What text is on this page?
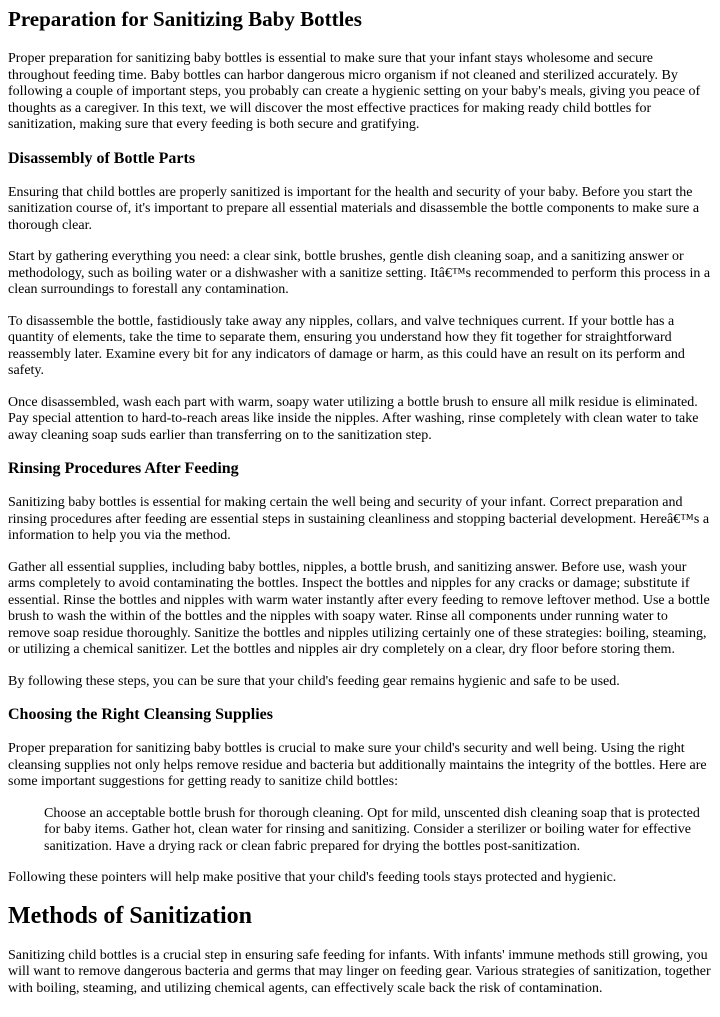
Preparation for Sanitizing Baby Bottles

Proper preparation for sanitizing baby bottles is essential to make sure that your infant stays wholesome and secure throughout feeding time. Baby bottles can harbor dangerous micro organism if not cleaned and sterilized accurately. By following a couple of important steps, you probably can create a hygienic setting on your baby's meals, giving you peace of thoughts as a caregiver. In this text, we will discover the most effective practices for making ready child bottles for sanitization, making sure that every feeding is both secure and gratifying.

Disassembly of Bottle Parts

Ensuring that child bottles are properly sanitized is important for the health and security of your baby. Before you start the sanitization course of, it's important to prepare all essential materials and disassemble the bottle components to make sure a thorough clear.

Start by gathering everything you need: a clear sink, bottle brushes, gentle dish cleaning soap, and a sanitizing answer or methodology, such as boiling water or a dishwasher with a sanitize setting. Itâ€™s recommended to perform this process in a clean surroundings to forestall any contamination.

To disassemble the bottle, fastidiously take away any nipples, collars, and valve techniques current. If your bottle has a quantity of elements, take the time to separate them, ensuring you understand how they fit together for straightforward reassembly later. Examine every bit for any indicators of damage or harm, as this could have an result on its perform and safety.

Once disassembled, wash each part with warm, soapy water utilizing a bottle brush to ensure all milk residue is eliminated. Pay special attention to hard-to-reach areas like inside the nipples. After washing, rinse completely with clean water to take away cleaning soap suds earlier than transferring on to the sanitization step.

Rinsing Procedures After Feeding

Sanitizing baby bottles is essential for making certain the well being and security of your infant. Correct preparation and rinsing procedures after feeding are essential steps in sustaining cleanliness and stopping bacterial development. Hereâ€™s a information to help you via the method.

Gather all essential supplies, including baby bottles, nipples, a bottle brush, and sanitizing answer. Before use, wash your arms completely to avoid contaminating the bottles. Inspect the bottles and nipples for any cracks or damage; substitute if essential. Rinse the bottles and nipples with warm water instantly after every feeding to remove leftover method. Use a bottle brush to wash the within of the bottles and the nipples with soapy water. Rinse all components under running water to remove soap residue thoroughly. Sanitize the bottles and nipples utilizing certainly one of these strategies: boiling, steaming, or utilizing a chemical sanitizer. Let the bottles and nipples air dry completely on a clear, dry floor before storing them.

By following these steps, you can be sure that your child's feeding gear remains hygienic and safe to be used.

Choosing the Right Cleansing Supplies

Proper preparation for sanitizing baby bottles is crucial to make sure your child's security and well being. Using the right cleansing supplies not only helps remove residue and bacteria but additionally maintains the integrity of the bottles. Here are some important suggestions for getting ready to sanitize child bottles:

Choose an acceptable bottle brush for thorough cleaning. Opt for mild, unscented dish cleaning soap that is protected for baby items. Gather hot, clean water for rinsing and sanitizing. Consider a sterilizer or boiling water for effective sanitization. Have a drying rack or clean fabric prepared for drying the bottles post-sanitization.

Following these pointers will help make positive that your child's feeding tools stays protected and hygienic.

Methods of Sanitization

Sanitizing child bottles is a crucial step in ensuring safe feeding for infants. With infants' immune methods still growing, you will want to remove dangerous bacteria and germs that may linger on feeding gear. Various strategies of sanitization, together with boiling, steaming, and utilizing chemical agents, can effectively scale back the risk of contamination.
